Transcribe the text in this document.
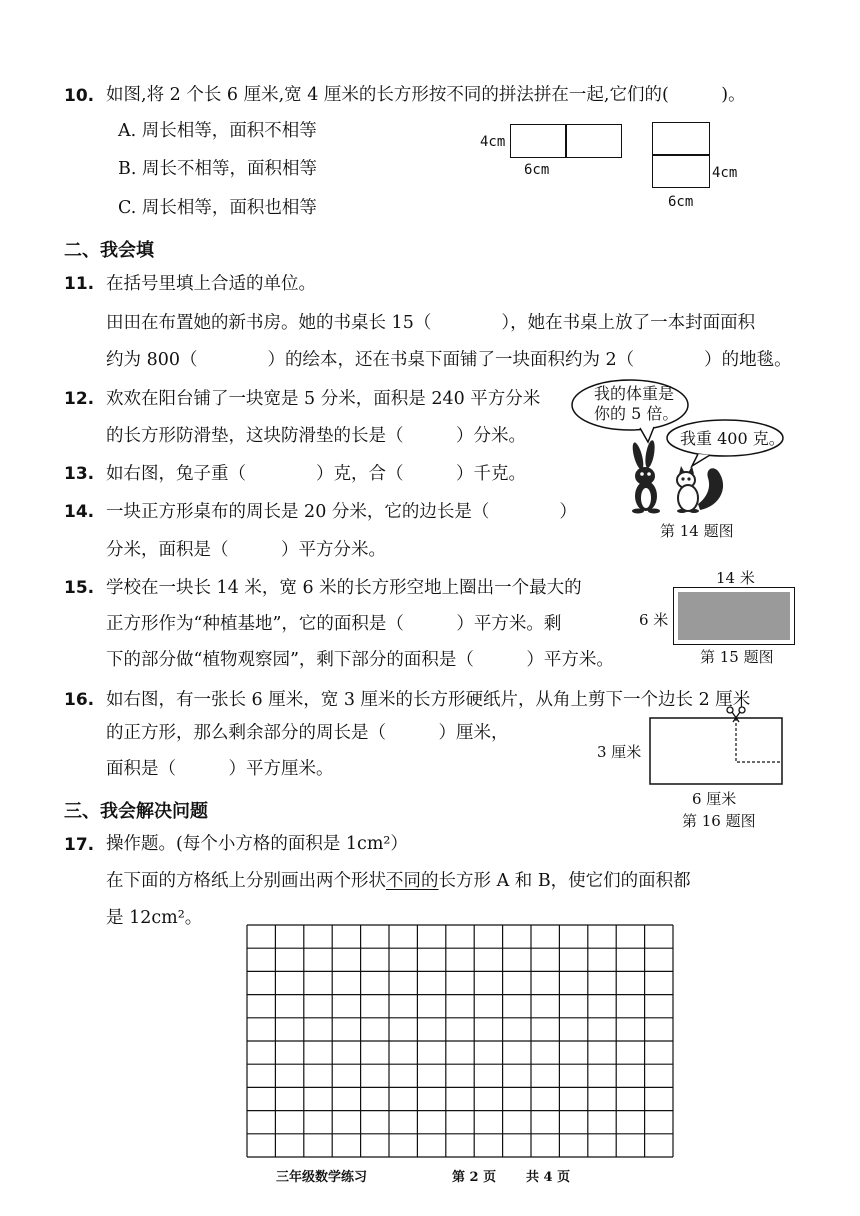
10. 如图,将 2 个长 6 厘米,宽 4 厘米的长方形按不同的拼法拼在一起,它们的(　　　)。
A. 周长相等，面积不相等
B. 周长不相等，面积相等
C. 周长相等，面积也相等
4cm
6cm	4cm
6cm
二、我会填
11. 在括号里填上合适的单位。
田田在布置她的新书房。她的书桌长 15（　　　　），她在书桌上放了一本封面面积
约为 800（　　　　）的绘本，还在书桌下面铺了一块面积约为 2（　　　　）的地毯。
12. 欢欢在阳台铺了一块宽是 5 分米，面积是 240 平方分米
的长方形防滑垫，这块防滑垫的长是（　　　）分米。
13. 如右图，兔子重（　　　　）克，合（　　　）千克。
我的体重是
你的 5 倍。
我重 400 克。
第 14 题图
14. 一块正方形桌布的周长是 20 分米，它的边长是（　　　　）
分米，面积是（　　　）平方分米。
15. 学校在一块长 14 米，宽 6 米的长方形空地上圈出一个最大的
正方形作为“种植基地”，它的面积是（　　　）平方米。剩
下的部分做“植物观察园”，剩下部分的面积是（　　　）平方米。
14 米
6 米
第 15 题图
16. 如右图，有一张长 6 厘米，宽 3 厘米的长方形硬纸片，从角上剪下一个边长 2 厘米
的正方形，那么剩余部分的周长是（　　　）厘米，
面积是（　　　）平方厘米。
3 厘米
6 厘米
第 16 题图
三、我会解决问题
17. 操作题。(每个小方格的面积是 1cm²）
在下面的方格纸上分别画出两个形状不同的长方形 A 和 B，使它们的面积都
是 12cm²。
三年级数学练习	第 2 页 共 4 页
